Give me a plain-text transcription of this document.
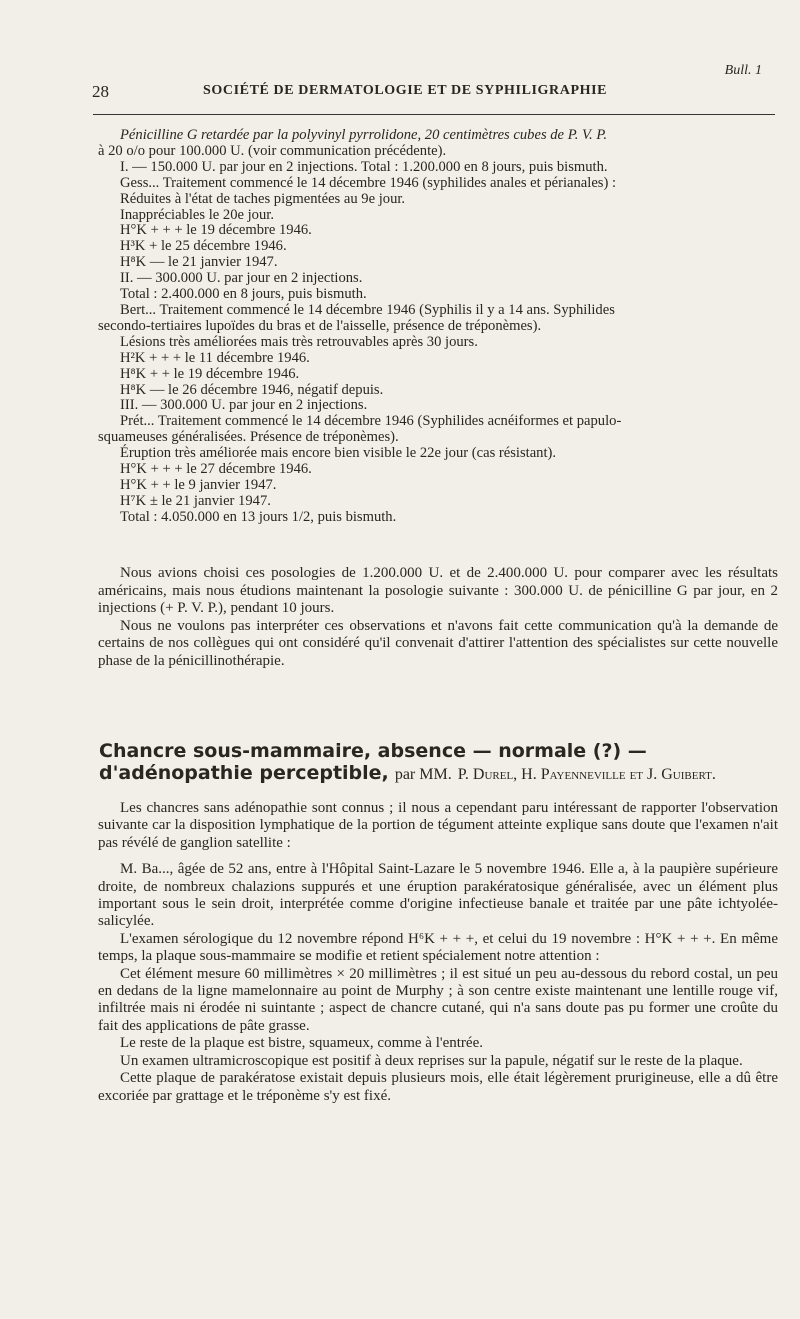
28	SOCIÉTÉ DE DERMATOLOGIE ET DE SYPHILIGRAPHIE
Bull. 1
Pénicilline G retardée par la polyvinyl pyrrolidone, 20 centimètres cubes de P. V. P.
à 20 o/o pour 100.000 U. (voir communication précédente).
I. — 150.000 U. par jour en 2 injections. Total : 1.200.000 en 8 jours, puis bismuth.
Gess... Traitement commencé le 14 décembre 1946 (syphilides anales et périanales) :
Réduites à l'état de taches pigmentées au 9e jour.
Inappréciables le 20e jour.
H°K + + + le 19 décembre 1946.
H³K + le 25 décembre 1946.
H⁸K — le 21 janvier 1947.
II. — 300.000 U. par jour en 2 injections.
Total : 2.400.000 en 8 jours, puis bismuth.
Bert... Traitement commencé le 14 décembre 1946 (Syphilis il y a 14 ans. Syphilides
secondo-tertiaires lupoïdes du bras et de l'aisselle, présence de tréponèmes).
Lésions très améliorées mais très retrouvables après 30 jours.
H²K + + + le 11 décembre 1946.
H⁸K + + le 19 décembre 1946.
H⁸K — le 26 décembre 1946, négatif depuis.
III. — 300.000 U. par jour en 2 injections.
Prét... Traitement commencé le 14 décembre 1946 (Syphilides acnéiformes et papulo-
squameuses généralisées. Présence de tréponèmes).
Éruption très améliorée mais encore bien visible le 22e jour (cas résistant).
H°K + + + le 27 décembre 1946.
H°K + + le 9 janvier 1947.
H⁷K ± le 21 janvier 1947.
Total : 4.050.000 en 13 jours 1/2, puis bismuth.

Nous avions choisi ces posologies de 1.200.000 U. et de 2.400.000 U. pour comparer avec les résultats américains, mais nous étudions maintenant la posologie suivante : 300.000 U. de pénicilline G par jour, en 2 injections (+ P. V. P.), pendant 10 jours.

Nous ne voulons pas interpréter ces observations et n'avons fait cette communication qu'à la demande de certains de nos collègues qui ont considéré qu'il convenait d'attirer l'attention des spécialistes sur cette nouvelle phase de la pénicillinothérapie.

Chancre sous-mammaire, absence — normale (?) — d'adénopathie perceptible, par MM. P. Durel, H. Payenneville et J. Guibert.

Les chancres sans adénopathie sont connus ; il nous a cependant paru intéressant de rapporter l'observation suivante car la disposition lymphatique de la portion de tégument atteinte explique sans doute que l'examen n'ait pas révélé de ganglion satellite :

M. Ba..., âgée de 52 ans, entre à l'Hôpital Saint-Lazare le 5 novembre 1946. Elle a, à la paupière supérieure droite, de nombreux chalazions suppurés et une éruption parakératosique généralisée, avec un élément plus important sous le sein droit, interprétée comme d'origine infectieuse banale et traitée par une pâte ichtyolée-salicylée.

L'examen sérologique du 12 novembre répond H⁶K + + +, et celui du 19 novembre : H°K + + +. En même temps, la plaque sous-mammaire se modifie et retient spécialement notre attention :

Cet élément mesure 60 millimètres × 20 millimètres ; il est situé un peu au-dessous du rebord costal, un peu en dedans de la ligne mamelonnaire au point de Murphy ; à son centre existe maintenant une lentille rouge vif, infiltrée mais ni érodée ni suintante ; aspect de chancre cutané, qui n'a sans doute pas pu former une croûte du fait des applications de pâte grasse.

Le reste de la plaque est bistre, squameux, comme à l'entrée.

Un examen ultramicroscopique est positif à deux reprises sur la papule, négatif sur le reste de la plaque.

Cette plaque de parakératose existait depuis plusieurs mois, elle était légèrement prurigineuse, elle a dû être excoriée par grattage et le tréponème s'y est fixé.
